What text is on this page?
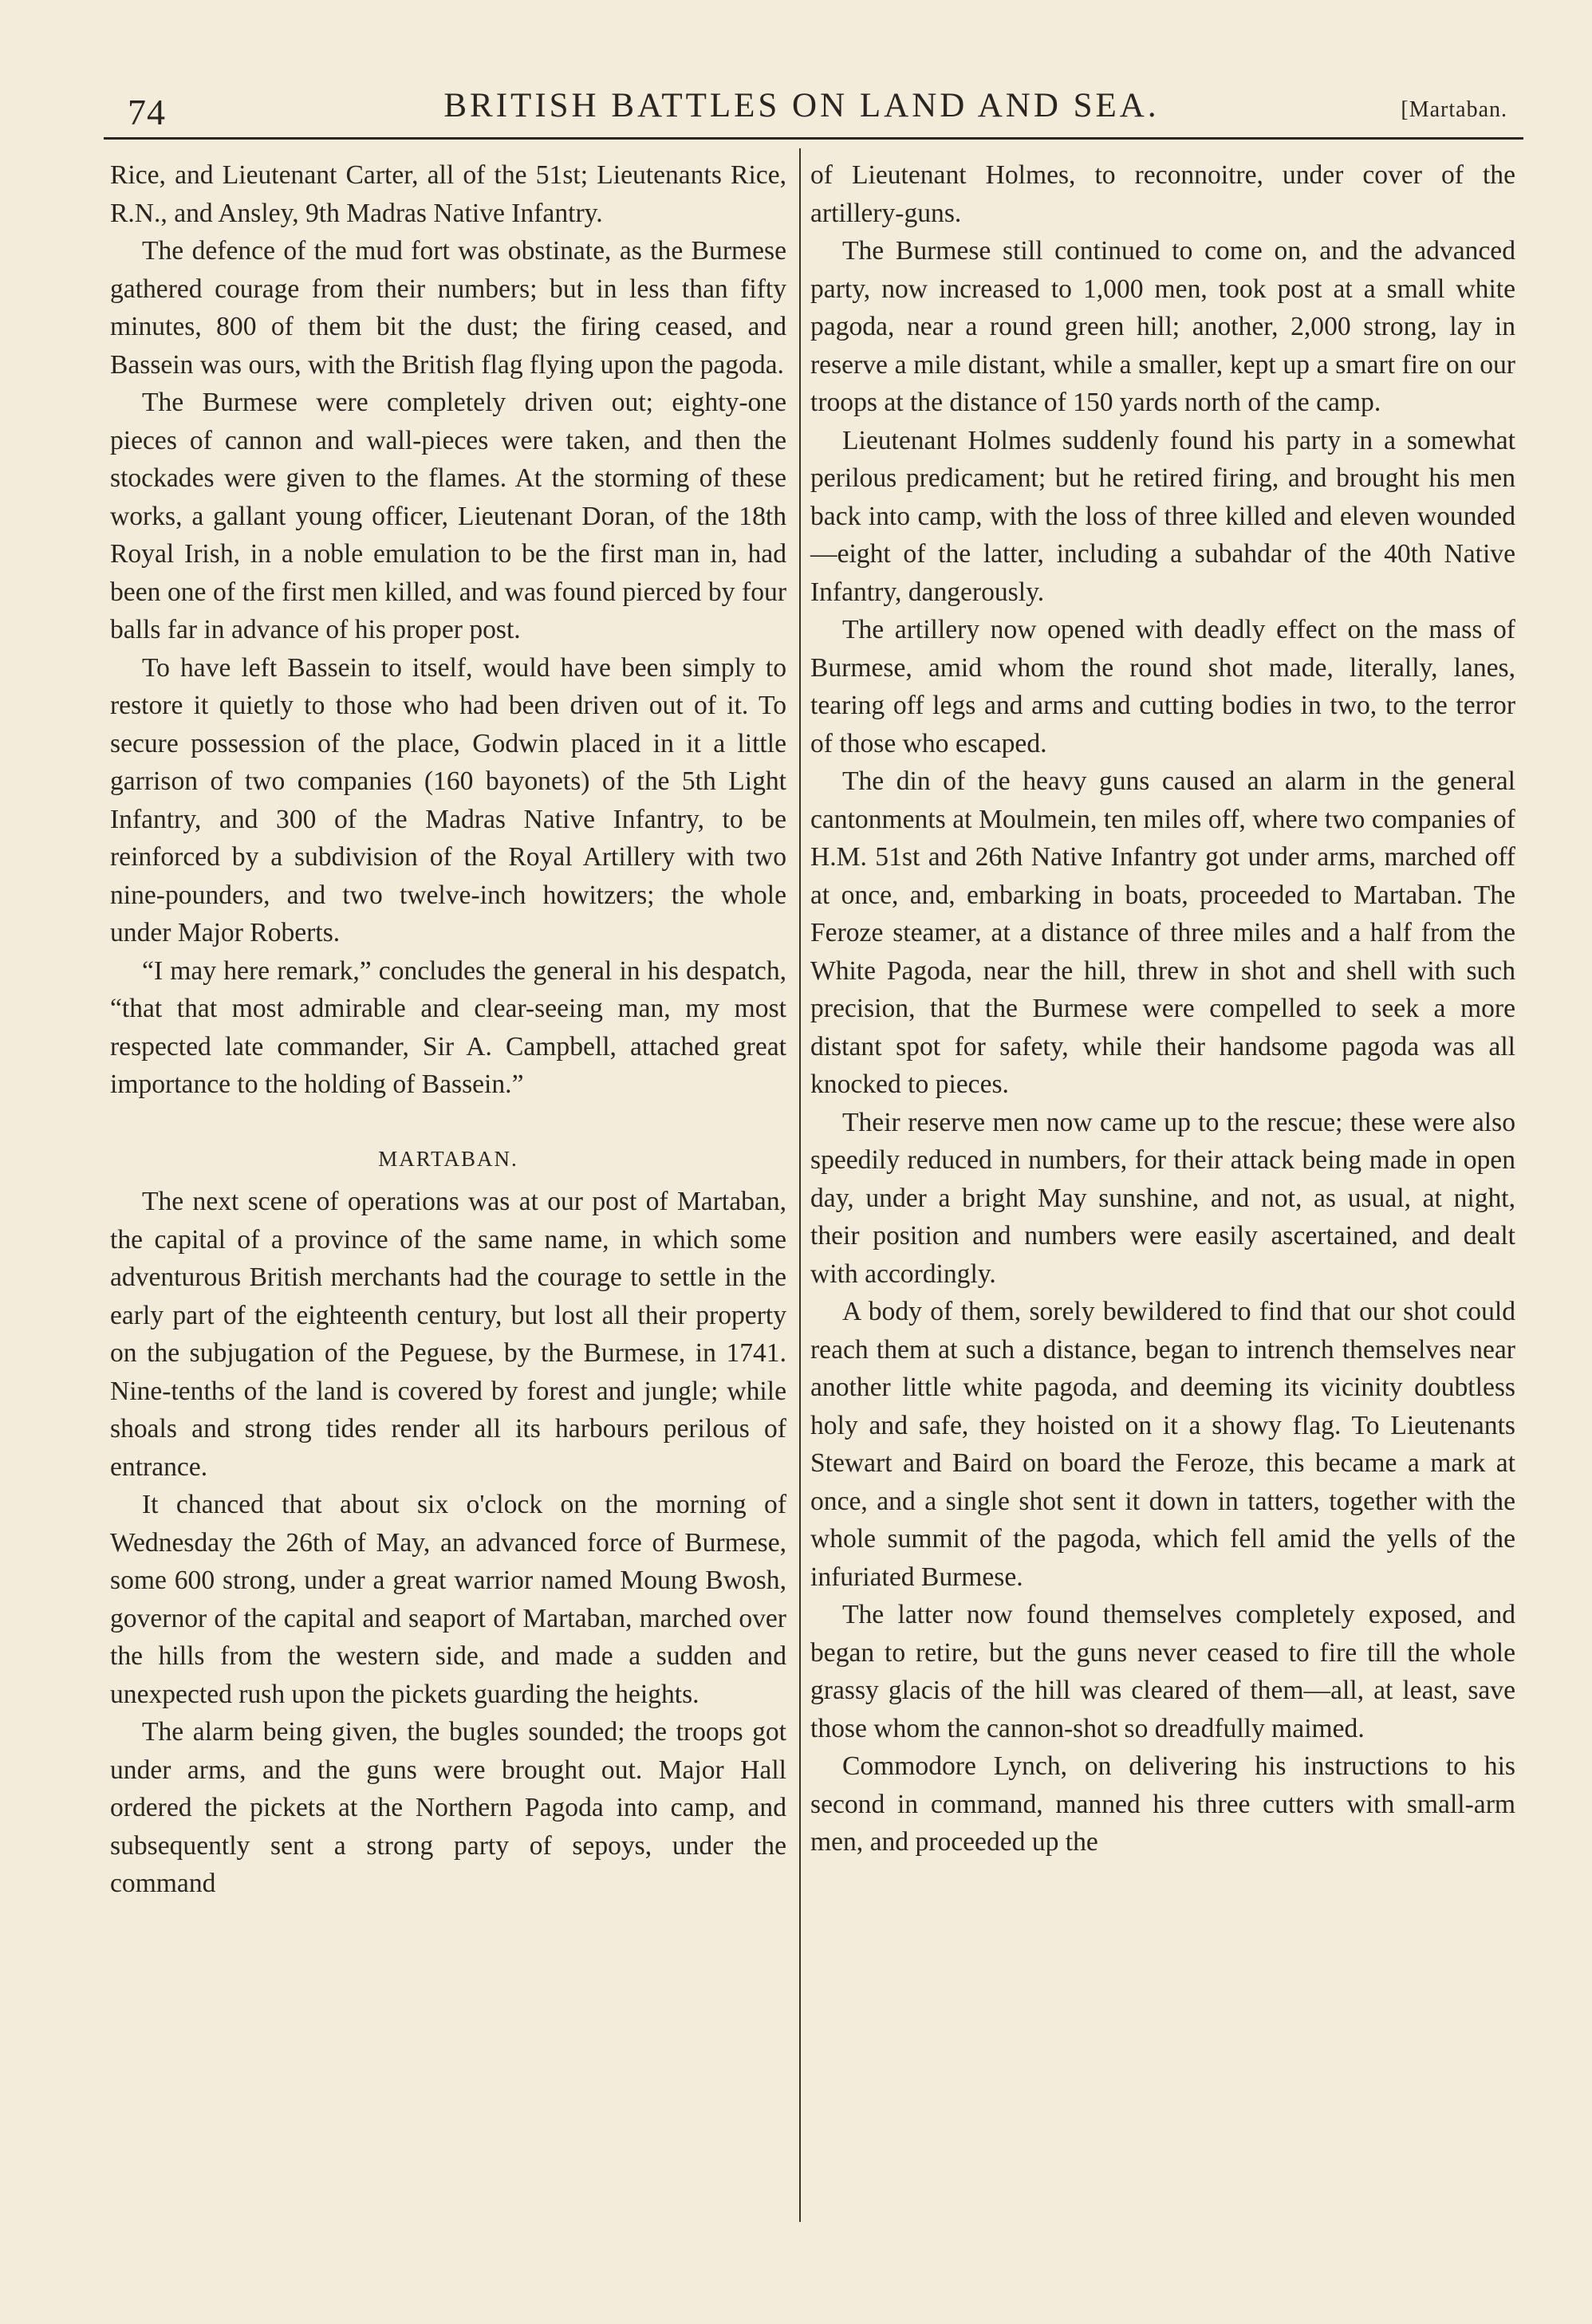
74	BRITISH BATTLES ON LAND AND SEA.	[Martaban.

Rice, and Lieutenant Carter, all of the 51st; Lieutenants Rice, R.N., and Ansley, 9th Madras Native Infantry.

The defence of the mud fort was obstinate, as the Burmese gathered courage from their numbers; but in less than fifty minutes, 800 of them bit the dust; the firing ceased, and Bassein was ours, with the British flag flying upon the pagoda.

The Burmese were completely driven out; eighty-one pieces of cannon and wall-pieces were taken, and then the stockades were given to the flames. At the storming of these works, a gallant young officer, Lieutenant Doran, of the 18th Royal Irish, in a noble emulation to be the first man in, had been one of the first men killed, and was found pierced by four balls far in advance of his proper post.

To have left Bassein to itself, would have been simply to restore it quietly to those who had been driven out of it. To secure possession of the place, Godwin placed in it a little garrison of two companies (160 bayonets) of the 5th Light Infantry, and 300 of the Madras Native Infantry, to be reinforced by a subdivision of the Royal Artillery with two nine-pounders, and two twelve-inch howitzers; the whole under Major Roberts.

“I may here remark,” concludes the general in his despatch, “that that most admirable and clear-seeing man, my most respected late commander, Sir A. Campbell, attached great importance to the holding of Bassein.”

MARTABAN.

The next scene of operations was at our post of Martaban, the capital of a province of the same name, in which some adventurous British merchants had the courage to settle in the early part of the eighteenth century, but lost all their property on the subjugation of the Peguese, by the Burmese, in 1741. Nine-tenths of the land is covered by forest and jungle; while shoals and strong tides render all its harbours perilous of entrance.

It chanced that about six o'clock on the morning of Wednesday the 26th of May, an advanced force of Burmese, some 600 strong, under a great warrior named Moung Bwosh, governor of the capital and seaport of Martaban, marched over the hills from the western side, and made a sudden and unexpected rush upon the pickets guarding the heights.

The alarm being given, the bugles sounded; the troops got under arms, and the guns were brought out. Major Hall ordered the pickets at the Northern Pagoda into camp, and subsequently sent a strong party of sepoys, under the command

of Lieutenant Holmes, to reconnoitre, under cover of the artillery-guns.

The Burmese still continued to come on, and the advanced party, now increased to 1,000 men, took post at a small white pagoda, near a round green hill; another, 2,000 strong, lay in reserve a mile distant, while a smaller, kept up a smart fire on our troops at the distance of 150 yards north of the camp.

Lieutenant Holmes suddenly found his party in a somewhat perilous predicament; but he retired firing, and brought his men back into camp, with the loss of three killed and eleven wounded—eight of the latter, including a subahdar of the 40th Native Infantry, dangerously.

The artillery now opened with deadly effect on the mass of Burmese, amid whom the round shot made, literally, lanes, tearing off legs and arms and cutting bodies in two, to the terror of those who escaped.

The din of the heavy guns caused an alarm in the general cantonments at Moulmein, ten miles off, where two companies of H.M. 51st and 26th Native Infantry got under arms, marched off at once, and, embarking in boats, proceeded to Martaban. The Feroze steamer, at a distance of three miles and a half from the White Pagoda, near the hill, threw in shot and shell with such precision, that the Burmese were compelled to seek a more distant spot for safety, while their handsome pagoda was all knocked to pieces.

Their reserve men now came up to the rescue; these were also speedily reduced in numbers, for their attack being made in open day, under a bright May sunshine, and not, as usual, at night, their position and numbers were easily ascertained, and dealt with accordingly.

A body of them, sorely bewildered to find that our shot could reach them at such a distance, began to intrench themselves near another little white pagoda, and deeming its vicinity doubtless holy and safe, they hoisted on it a showy flag. To Lieutenants Stewart and Baird on board the Feroze, this became a mark at once, and a single shot sent it down in tatters, together with the whole summit of the pagoda, which fell amid the yells of the infuriated Burmese.

The latter now found themselves completely exposed, and began to retire, but the guns never ceased to fire till the whole grassy glacis of the hill was cleared of them—all, at least, save those whom the cannon-shot so dreadfully maimed.

Commodore Lynch, on delivering his instructions to his second in command, manned his three cutters with small-arm men, and proceeded up the
